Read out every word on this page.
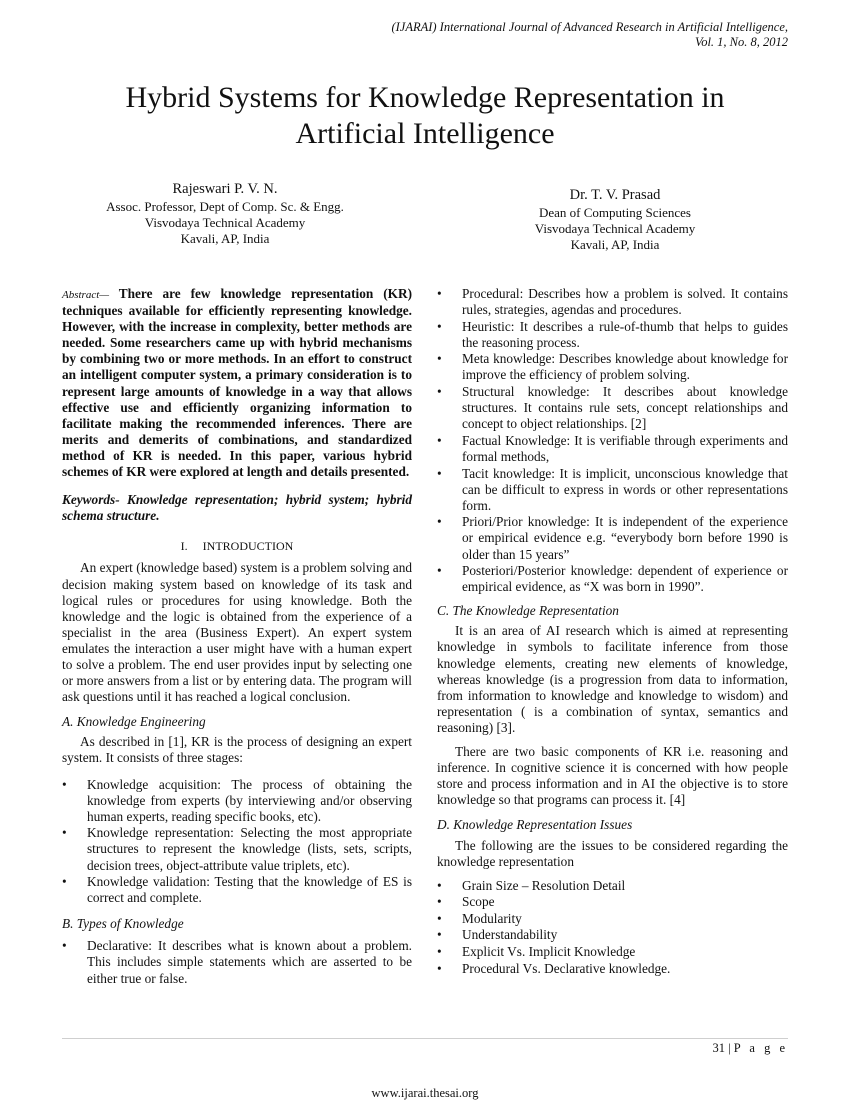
(IJARAI) International Journal of Advanced Research in Artificial Intelligence,
Vol. 1, No. 8, 2012
Hybrid Systems for Knowledge Representation in
Artificial Intelligence
Rajeswari P. V. N.
Assoc. Professor, Dept of Comp. Sc. & Engg.
Visvodaya Technical Academy
Kavali, AP, India
Dr. T. V. Prasad
Dean of Computing Sciences
Visvodaya Technical Academy
Kavali, AP, India

Abstract— There are few knowledge representation (KR) techniques available for efficiently representing knowledge. However, with the increase in complexity, better methods are needed. Some researchers came up with hybrid mechanisms by combining two or more methods. In an effort to construct an intelligent computer system, a primary consideration is to represent large amounts of knowledge in a way that allows effective use and efficiently organizing information to facilitate making the recommended inferences. There are merits and demerits of combinations, and standardized method of KR is needed. In this paper, various hybrid schemes of KR were explored at length and details presented.

Keywords- Knowledge representation; hybrid system; hybrid schema structure.

I. INTRODUCTION

An expert (knowledge based) system is a problem solving and decision making system based on knowledge of its task and logical rules or procedures for using knowledge. Both the knowledge and the logic is obtained from the experience of a specialist in the area (Business Expert). An expert system emulates the interaction a user might have with a human expert to solve a problem. The end user provides input by selecting one or more answers from a list or by entering data. The program will ask questions until it has reached a logical conclusion.

A. Knowledge Engineering

As described in [1], KR is the process of designing an expert system. It consists of three stages:

• Knowledge acquisition: The process of obtaining the knowledge from experts (by interviewing and/or observing human experts, reading specific books, etc).
• Knowledge representation: Selecting the most appropriate structures to represent the knowledge (lists, sets, scripts, decision trees, object-attribute value triplets, etc).
• Knowledge validation: Testing that the knowledge of ES is correct and complete.
B. Types of Knowledge
• Declarative: It describes what is known about a problem. This includes simple statements which are asserted to be either true or false.
• Procedural: Describes how a problem is solved. It contains rules, strategies, agendas and procedures.
• Heuristic: It describes a rule-of-thumb that helps to guides the reasoning process.
• Meta knowledge: Describes knowledge about knowledge for improve the efficiency of problem solving.
• Structural knowledge: It describes about knowledge structures. It contains rule sets, concept relationships and concept to object relationships. [2]
• Factual Knowledge: It is verifiable through experiments and formal methods,
• Tacit knowledge: It is implicit, unconscious knowledge that can be difficult to express in words or other representations form.
• Priori/Prior knowledge: It is independent of the experience or empirical evidence e.g. “everybody born before 1990 is older than 15 years”
• Posteriori/Posterior knowledge: dependent of experience or empirical evidence, as “X was born in 1990”.
C. The Knowledge Representation

It is an area of AI research which is aimed at representing knowledge in symbols to facilitate inference from those knowledge elements, creating new elements of knowledge, whereas knowledge (is a progression from data to information, from information to knowledge and knowledge to wisdom) and representation ( is a combination of syntax, semantics and reasoning) [3].

There are two basic components of KR i.e. reasoning and inference. In cognitive science it is concerned with how people store and process information and in AI the objective is to store knowledge so that programs can process it. [4]

D. Knowledge Representation Issues

The following are the issues to be considered regarding the knowledge representation

• Grain Size – Resolution Detail
• Scope
• Modularity
• Understandability
• Explicit Vs. Implicit Knowledge
• Procedural Vs. Declarative knowledge.
31 | P a g e
www.ijarai.thesai.org
